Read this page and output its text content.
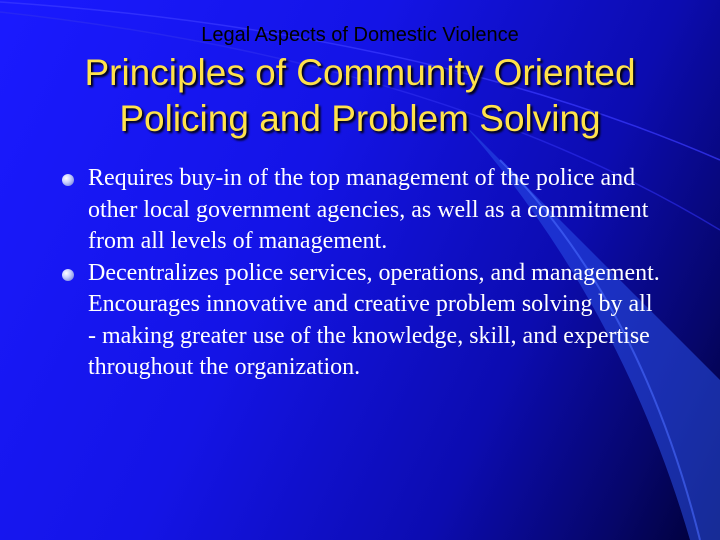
Legal Aspects of Domestic Violence
Principles of Community Oriented
Policing and Problem Solving
Requires buy-in of the top management of the police and other local government agencies, as well as a commitment from all levels of management.
Decentralizes police services, operations, and management. Encourages innovative and creative problem solving by all - making greater use of the knowledge, skill, and expertise throughout the organization.
